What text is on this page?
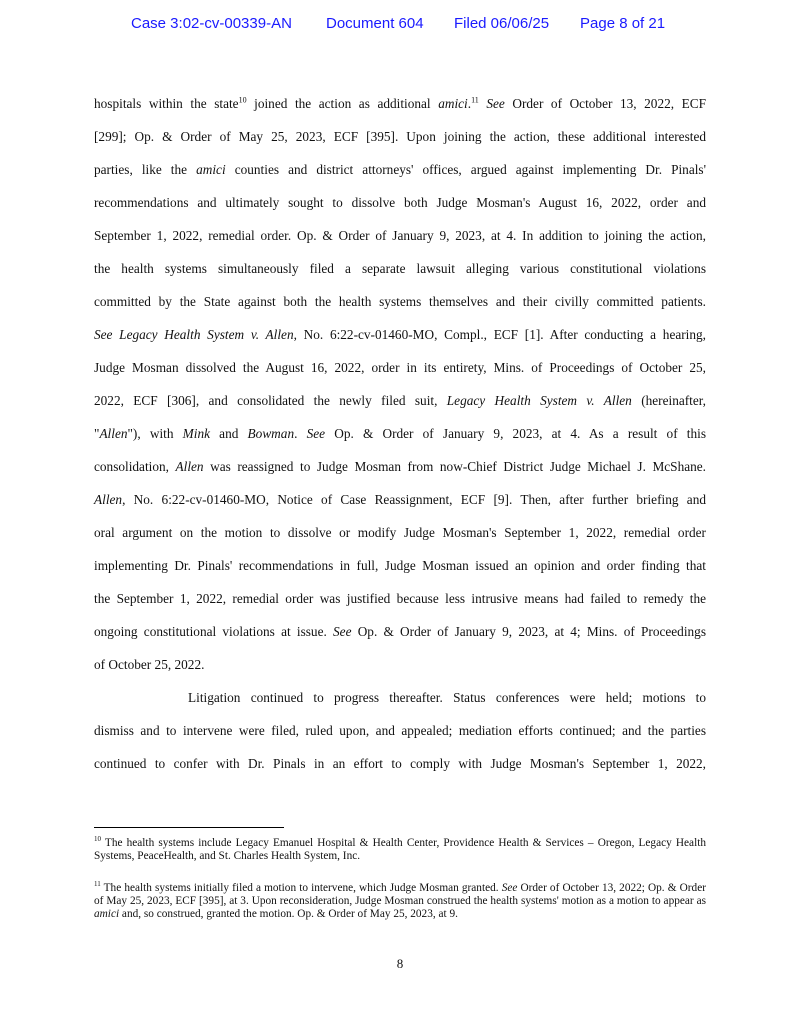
Case 3:02-cv-00339-AN Document 604 Filed 06/06/25 Page 8 of 21
hospitals within the state$^{10}$ joined the action as additional amici.$^{11}$ See Order of October 13, 2022, ECF
[299]; Op. & Order of May 25, 2023, ECF [395]. Upon joining the action, these additional interested
parties, like the amici counties and district attorneys' offices, argued against implementing Dr. Pinals'
recommendations and ultimately sought to dissolve both Judge Mosman's August 16, 2022, order and
September 1, 2022, remedial order. Op. & Order of January 9, 2023, at 4. In addition to joining the action,
the health systems simultaneously filed a separate lawsuit alleging various constitutional violations
committed by the State against both the health systems themselves and their civilly committed patients.
See Legacy Health System v. Allen, No. 6:22-cv-01460-MO, Compl., ECF [1]. After conducting a hearing,
Judge Mosman dissolved the August 16, 2022, order in its entirety, Mins. of Proceedings of October 25,
2022, ECF [306], and consolidated the newly filed suit, Legacy Health System v. Allen (hereinafter,
"Allen"), with Mink and Bowman. See Op. & Order of January 9, 2023, at 4. As a result of this
consolidation, Allen was reassigned to Judge Mosman from now-Chief District Judge Michael J. McShane.
Allen, No. 6:22-cv-01460-MO, Notice of Case Reassignment, ECF [9]. Then, after further briefing and
oral argument on the motion to dissolve or modify Judge Mosman's September 1, 2022, remedial order
implementing Dr. Pinals' recommendations in full, Judge Mosman issued an opinion and order finding that
the September 1, 2022, remedial order was justified because less intrusive means had failed to remedy the
ongoing constitutional violations at issue. See Op. & Order of January 9, 2023, at 4; Mins. of Proceedings
of October 25, 2022.
Litigation continued to progress thereafter. Status conferences were held; motions to
dismiss and to intervene were filed, ruled upon, and appealed; mediation efforts continued; and the parties
continued to confer with Dr. Pinals in an effort to comply with Judge Mosman's September 1, 2022,

$^{10}$ The health systems include Legacy Emanuel Hospital & Health Center, Providence Health & Services – Oregon, Legacy Health Systems, PeaceHealth, and St. Charles Health System, Inc.

$^{11}$ The health systems initially filed a motion to intervene, which Judge Mosman granted. See Order of October 13, 2022; Op. & Order of May 25, 2023, ECF [395], at 3. Upon reconsideration, Judge Mosman construed the health systems' motion as a motion to appear as amici and, so construed, granted the motion. Op. & Order of May 25, 2023, at 9.

8
